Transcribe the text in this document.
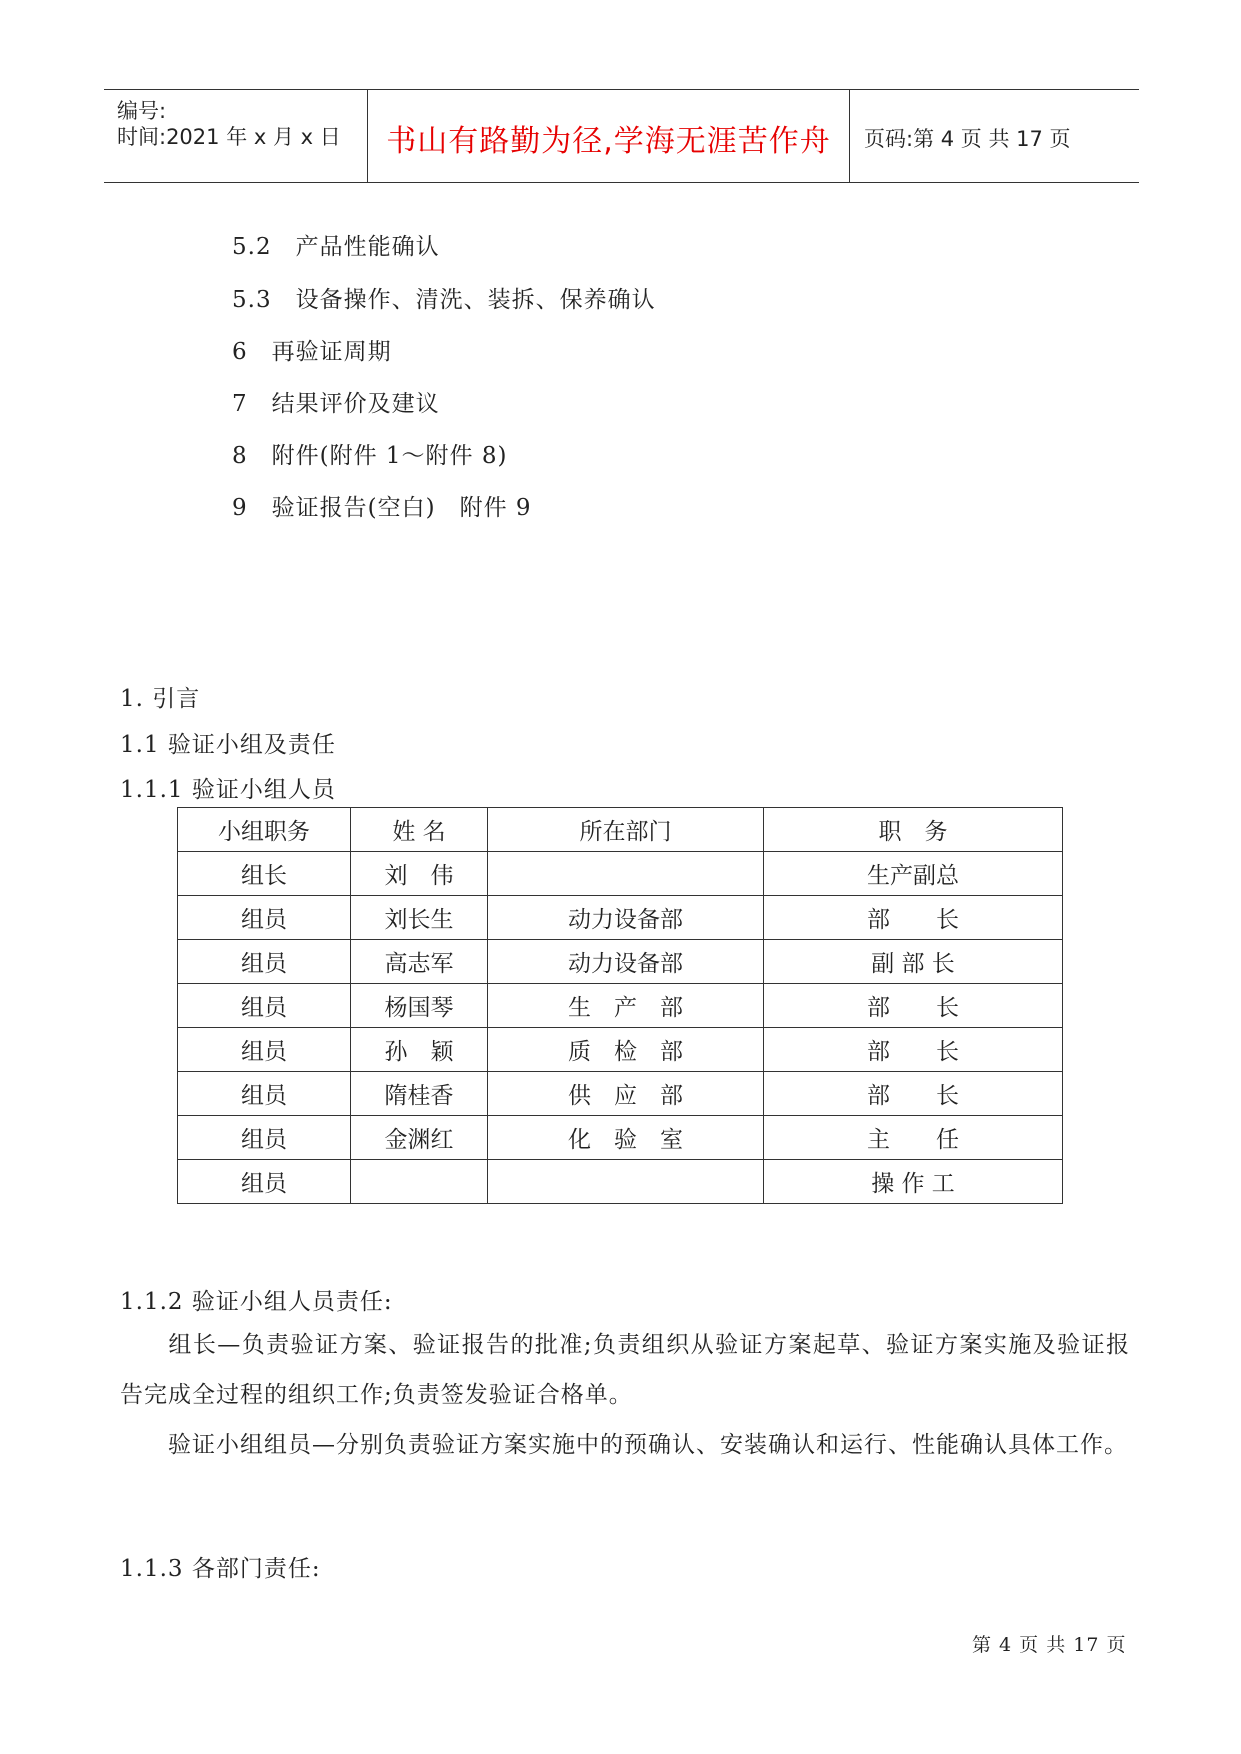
编号:
时间:2021 年 x 月 x 日	书山有路勤为径,学海无涯苦作舟	页码:第 4 页 共 17 页
5.2　产品性能确认
5.3　设备操作、清洗、装拆、保养确认
6　再验证周期
7　结果评价及建议
8　附件(附件 1～附件 8)
9　验证报告(空白)　附件 9
1. 引言
1.1 验证小组及责任
1.1.1 验证小组人员
小组职务	姓 名	所在部门	职　务
组长	刘　伟		生产副总
组员	刘长生	动力设备部	部　　长
组员	高志军	动力设备部	副 部 长
组员	杨国琴	生　产　部	部　　长
组员	孙　颖	质　检　部	部　　长
组员	隋桂香	供　应　部	部　　长
组员	金渊红	化　验　室	主　　任
组员			操 作 工
1.1.2 验证小组人员责任:
组长—负责验证方案、验证报告的批准;负责组织从验证方案起草、验证方案实施及验证报告完成全过程的组织工作;负责签发验证合格单。
验证小组组员—分别负责验证方案实施中的预确认、安装确认和运行、性能确认具体工作。
1.1.3 各部门责任:
第 4 页 共 17 页
